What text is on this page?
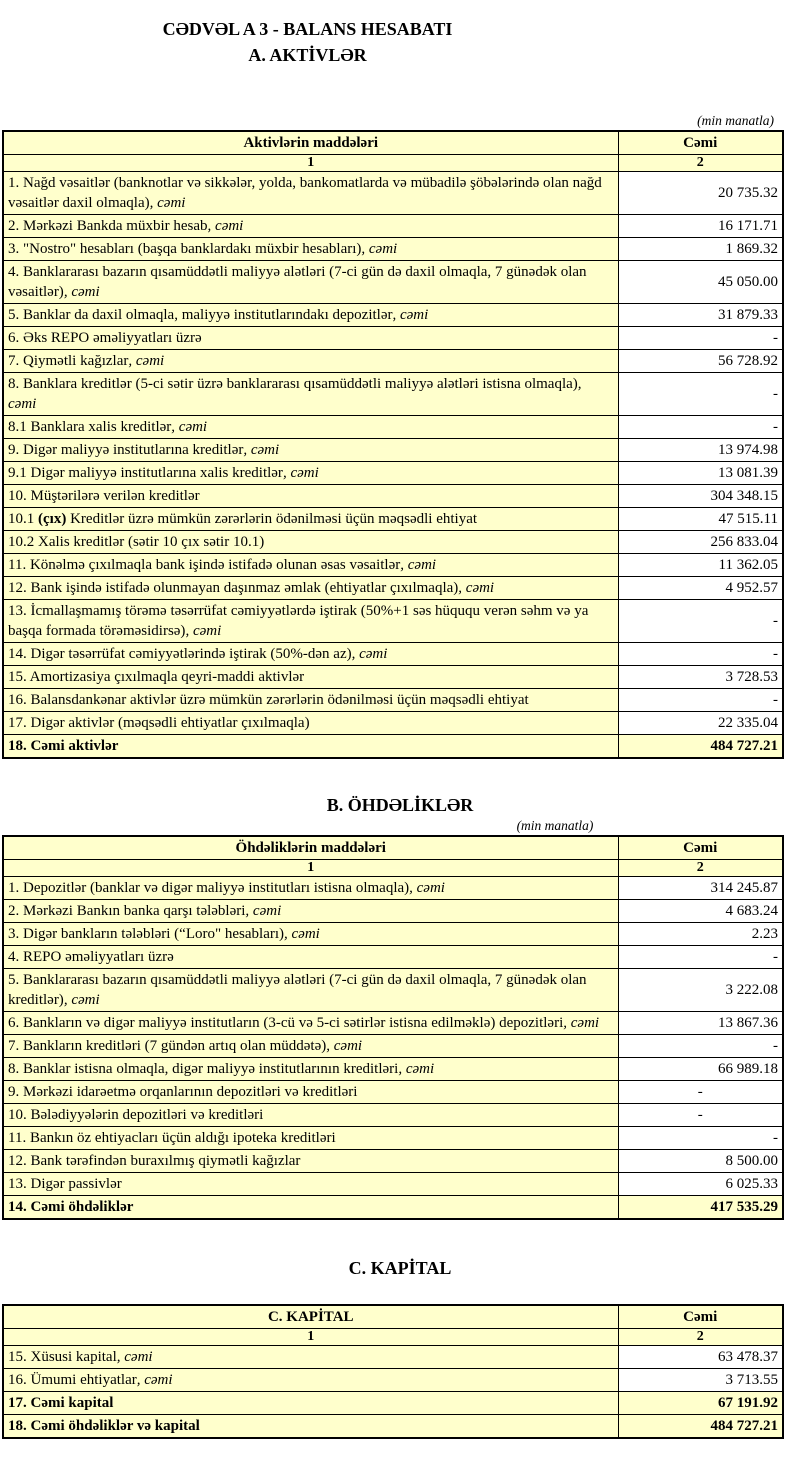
CƏDVƏL A 3 - BALANS HESABATI
A. AKTİVLƏR
(min manatla)
Aktivlərin maddələri	Cəmi
1	2
1. Nağd vəsaitlər (banknotlar və sikkələr, yolda, bankomatlarda və mübadilə şöbələrində olan nağd vəsaitlər daxil olmaqla), cəmi	20 735.32
2. Mərkəzi Bankda müxbir hesab, cəmi	16 171.71
3. "Nostro" hesabları (başqa banklardakı müxbir hesabları), cəmi	1 869.32
4. Banklararası bazarın qısamüddətli maliyyə alətləri (7-ci gün də daxil olmaqla, 7 günədək olan vəsaitlər), cəmi	45 050.00
5. Banklar da daxil olmaqla, maliyyə institutlarındakı depozitlər, cəmi	31 879.33
6. Əks REPO əməliyyatları üzrə	-
7. Qiymətli kağızlar, cəmi	56 728.92
8. Banklara kreditlər (5-ci sətir üzrə banklararası qısamüddətli maliyyə alətləri istisna olmaqla), cəmi	-
8.1 Banklara xalis kreditlər, cəmi	-
9. Digər maliyyə institutlarına kreditlər, cəmi	13 974.98
9.1 Digər maliyyə institutlarına xalis kreditlər, cəmi	13 081.39
10. Müştərilərə verilən kreditlər	304 348.15
10.1 (çıx) Kreditlər üzrə mümkün zərərlərin ödənilməsi üçün məqsədli ehtiyat	47 515.11
10.2 Xalis kreditlər (sətir 10 çıx sətir 10.1)	256 833.04
11. Könəlmə çıxılmaqla bank işində istifadə olunan əsas vəsaitlər, cəmi	11 362.05
12. Bank işində istifadə olunmayan daşınmaz əmlak (ehtiyatlar çıxılmaqla), cəmi	4 952.57
13. İcmallaşmamış törəmə təsərrüfat cəmiyyətlərdə iştirak (50%+1 səs hüququ verən səhm və ya başqa formada törəməsidirsə), cəmi	-
14. Digər təsərrüfat cəmiyyətlərində iştirak (50%-dən az), cəmi	-
15. Amortizasiya çıxılmaqla qeyri-maddi aktivlər	3 728.53
16. Balansdankənar aktivlər üzrə mümkün zərərlərin ödənilməsi üçün məqsədli ehtiyat	-
17. Digər aktivlər (məqsədli ehtiyatlar çıxılmaqla)	22 335.04
18. Cəmi aktivlər	484 727.21
B. ÖHDƏLİKLƏR
(min manatla)
Öhdəliklərin maddələri	Cəmi
1	2
1. Depozitlər (banklar və digər maliyyə institutları istisna olmaqla), cəmi	314 245.87
2. Mərkəzi Bankın banka qarşı tələbləri, cəmi	4 683.24
3. Digər bankların tələbləri (“Loro" hesabları), cəmi	2.23
4. REPO əməliyyatları üzrə	-
5. Banklararası bazarın qısamüddətli maliyyə alətləri (7-ci gün də daxil olmaqla, 7 günədək olan kreditlər), cəmi	3 222.08
6. Bankların və digər maliyyə institutların (3-cü və 5-ci sətirlər istisna edilməklə) depozitləri, cəmi	13 867.36
7. Bankların kreditləri (7 gündən artıq olan müddətə), cəmi	-
8. Banklar istisna olmaqla, digər maliyyə institutlarının kreditləri, cəmi	66 989.18
9. Mərkəzi idarəetmə orqanlarının depozitləri və kreditləri	-
10. Bələdiyyələrin depozitləri və kreditləri	-
11. Bankın öz ehtiyacları üçün aldığı ipoteka kreditləri	-
12. Bank tərəfindən buraxılmış qiymətli kağızlar	8 500.00
13. Digər passivlər	6 025.33
14. Cəmi öhdəliklər	417 535.29
C. KAPİTAL
C. KAPİTAL	Cəmi
1	2
15. Xüsusi kapital, cəmi	63 478.37
16. Ümumi ehtiyatlar, cəmi	3 713.55
17. Cəmi kapital	67 191.92
18. Cəmi öhdəliklər və kapital	484 727.21
